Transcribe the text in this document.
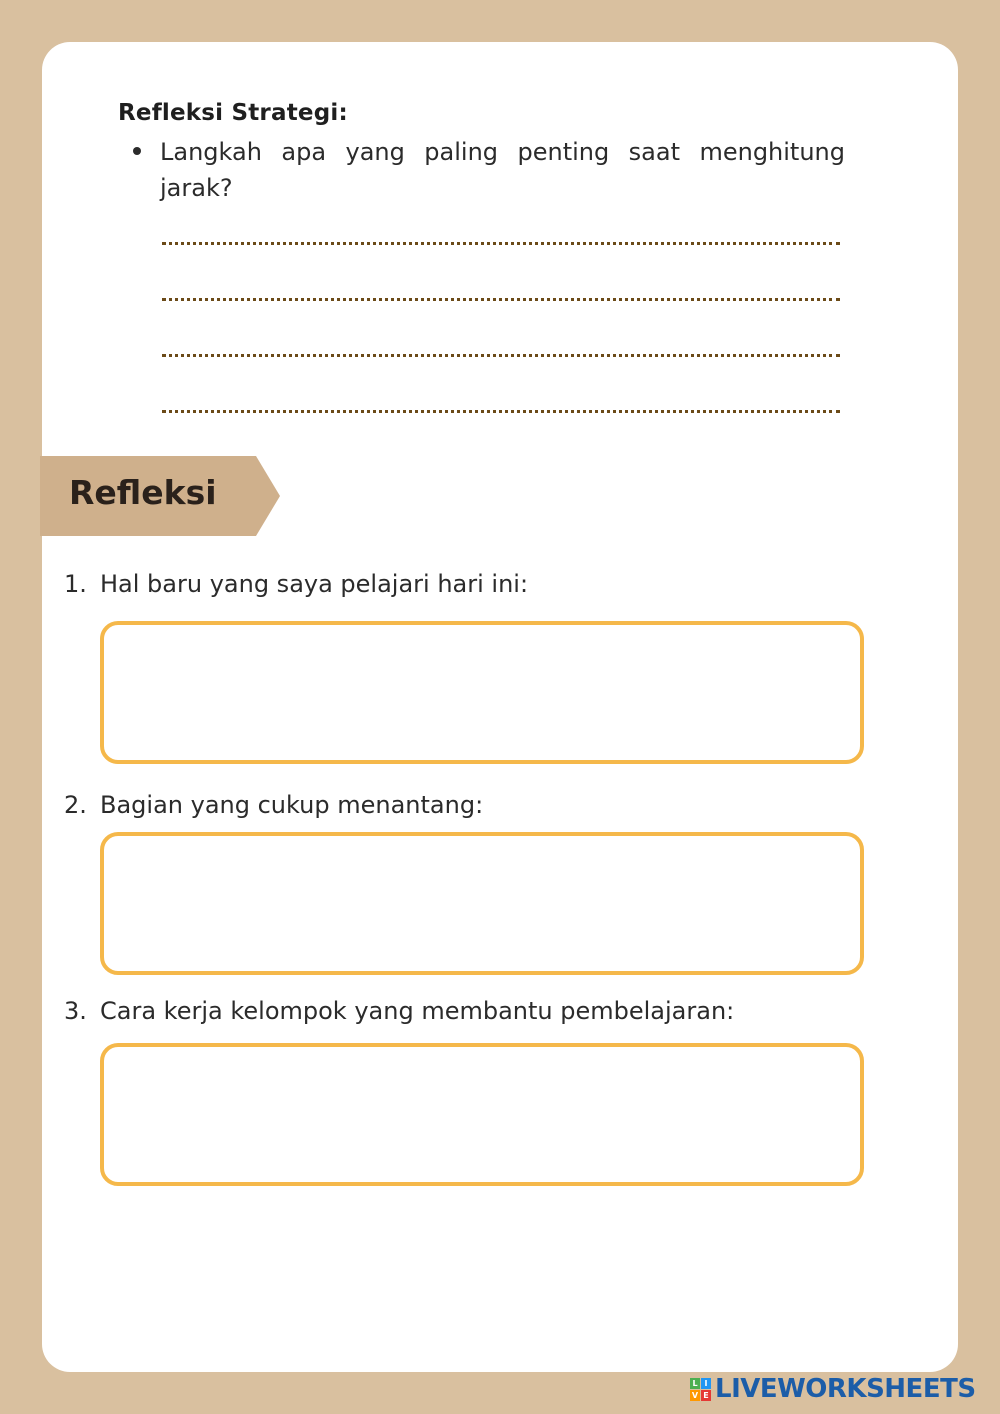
Refleksi Strategi:
Langkah apa yang paling penting saat menghitung jarak?
Refleksi
1. Hal baru yang saya pelajari hari ini:
2. Bagian yang cukup menantang:
3. Cara kerja kelompok yang membantu pembelajaran:
L I
V E LIVEWORKSHEETS
